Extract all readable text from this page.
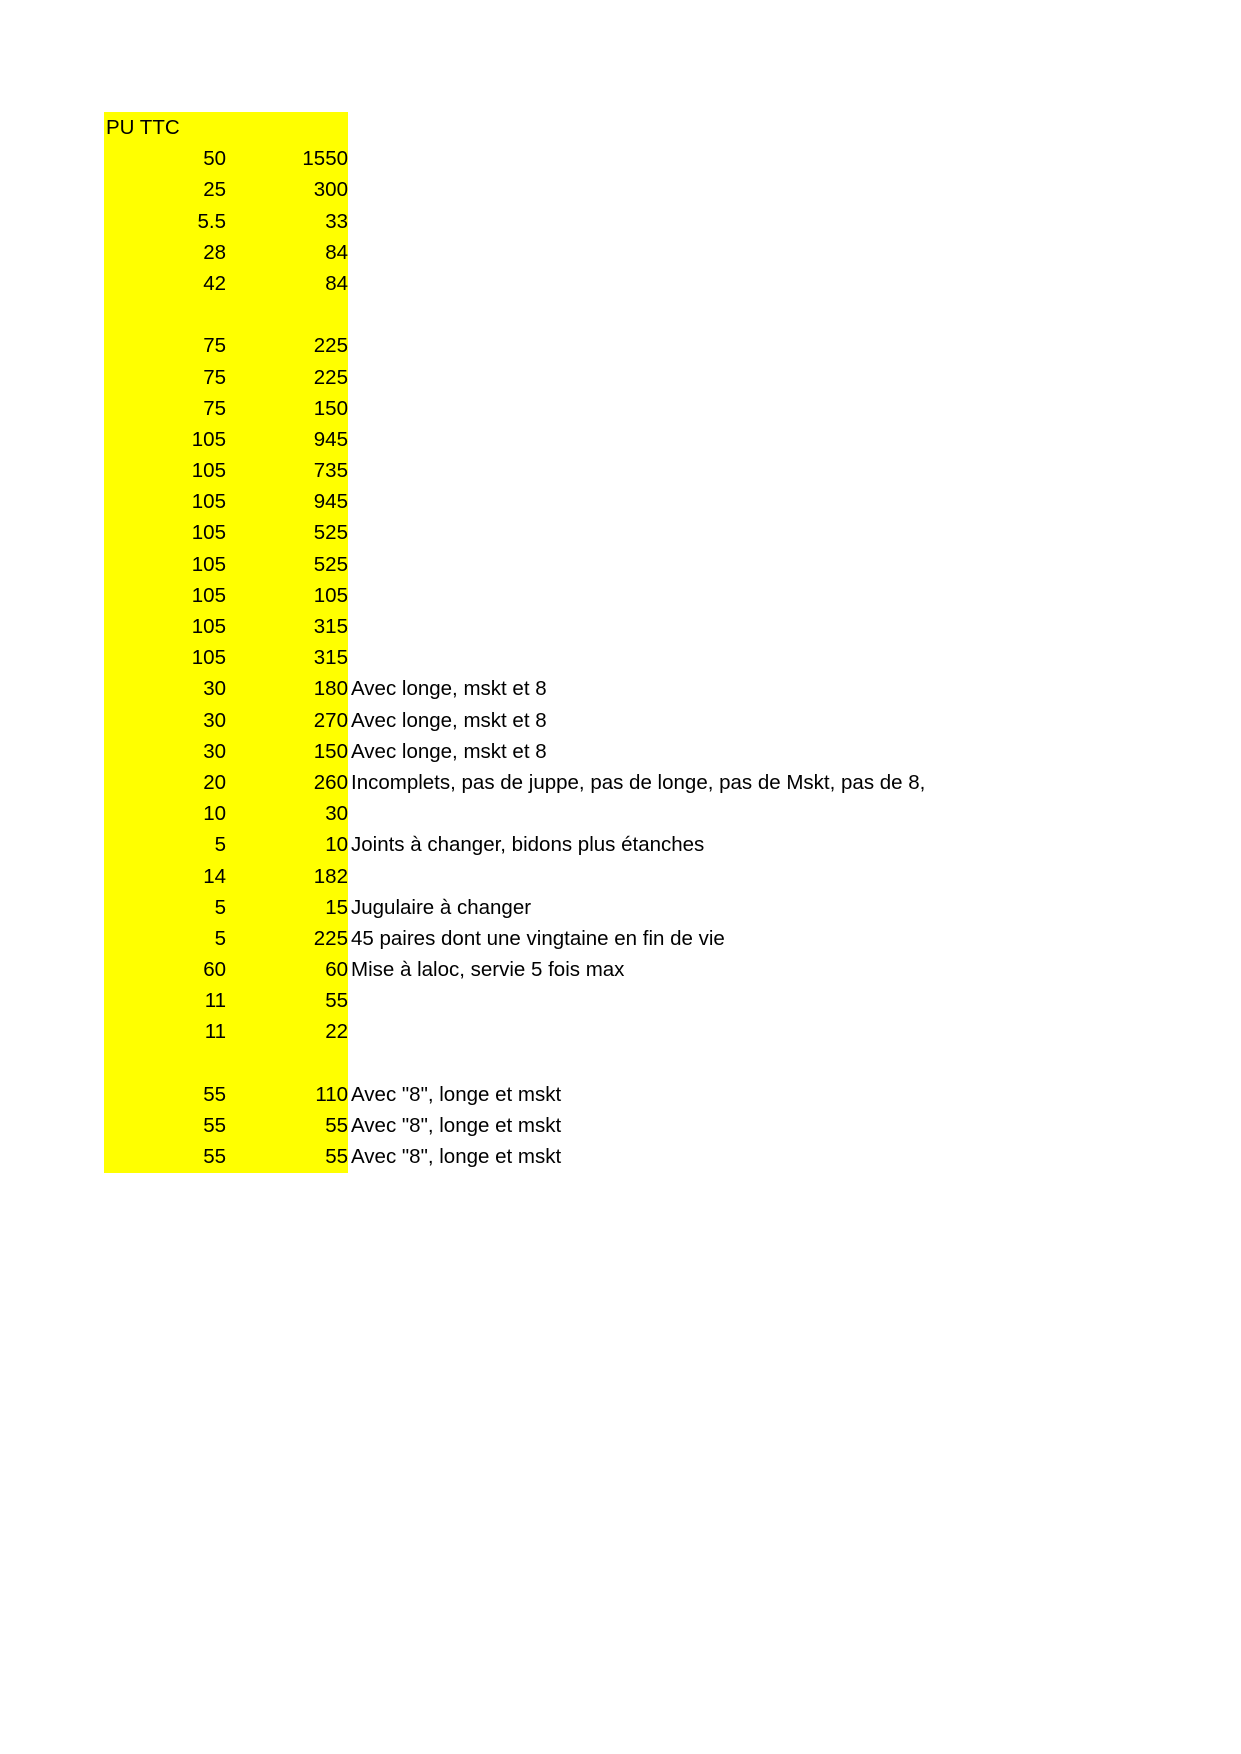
PU TTC
50	1550
25	300
5.5	33
28	84
42	84
75	225
75	225
75	150
105	945
105	735
105	945
105	525
105	525
105	105
105	315
105	315
30	180 Avec longe, mskt et 8
30	270 Avec longe, mskt et 8
30	150 Avec longe, mskt et 8
20	260 Incomplets, pas de juppe, pas de longe, pas de Mskt, pas de 8,
10	30
5	10 Joints à changer, bidons plus étanches
14	182
5	15 Jugulaire à changer
5	225 45 paires dont une vingtaine en fin de vie
60	60 Mise à laloc, servie 5 fois max
11	55
11	22
55	110 Avec "8", longe et mskt
55	55 Avec "8", longe et mskt
55	55 Avec "8", longe et mskt
